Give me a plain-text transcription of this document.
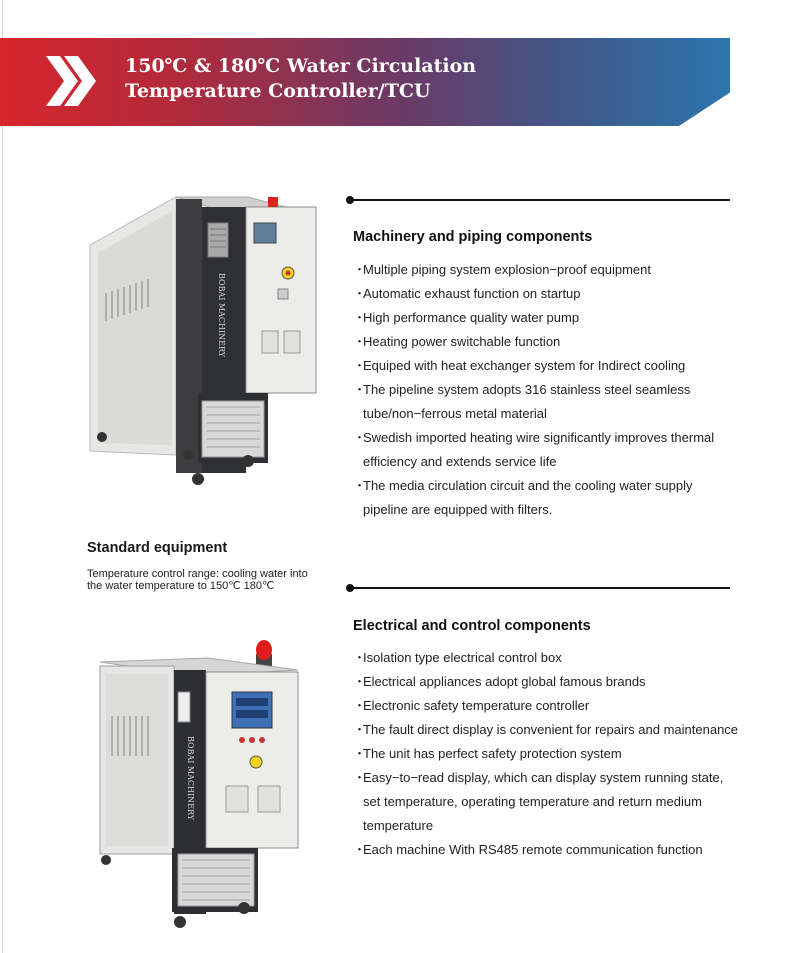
150℃ & 180℃ Water Circulation
Temperature Controller/TCU
BOBAI MACHINERY
Machinery and piping components
・Multiple piping system explosion−proof equipment
・Automatic exhaust function on startup
・High performance quality water pump
・Heating power switchable function
・Equiped with heat exchanger system for Indirect cooling
・The pipeline system adopts 316 stainless steel seamless
tube/non−ferrous metal material
・Swedish imported heating wire significantly improves thermal
efficiency and extends service life
・The media circulation circuit and the cooling water supply
pipeline are equipped with filters.
Standard equipment
Temperature control range: cooling water into
the water temperature to 150℃ 180℃
Electrical and control components
・Isolation type electrical control box
・Electrical appliances adopt global famous brands
・Electronic safety temperature controller
・The fault direct display is convenient for repairs and maintenance
・The unit has perfect safety protection system
・Easy−to−read display, which can display system running state,
set temperature, operating temperature and return medium
temperature
・Each machine With RS485 remote communication function
BOBAI MACHINERY
